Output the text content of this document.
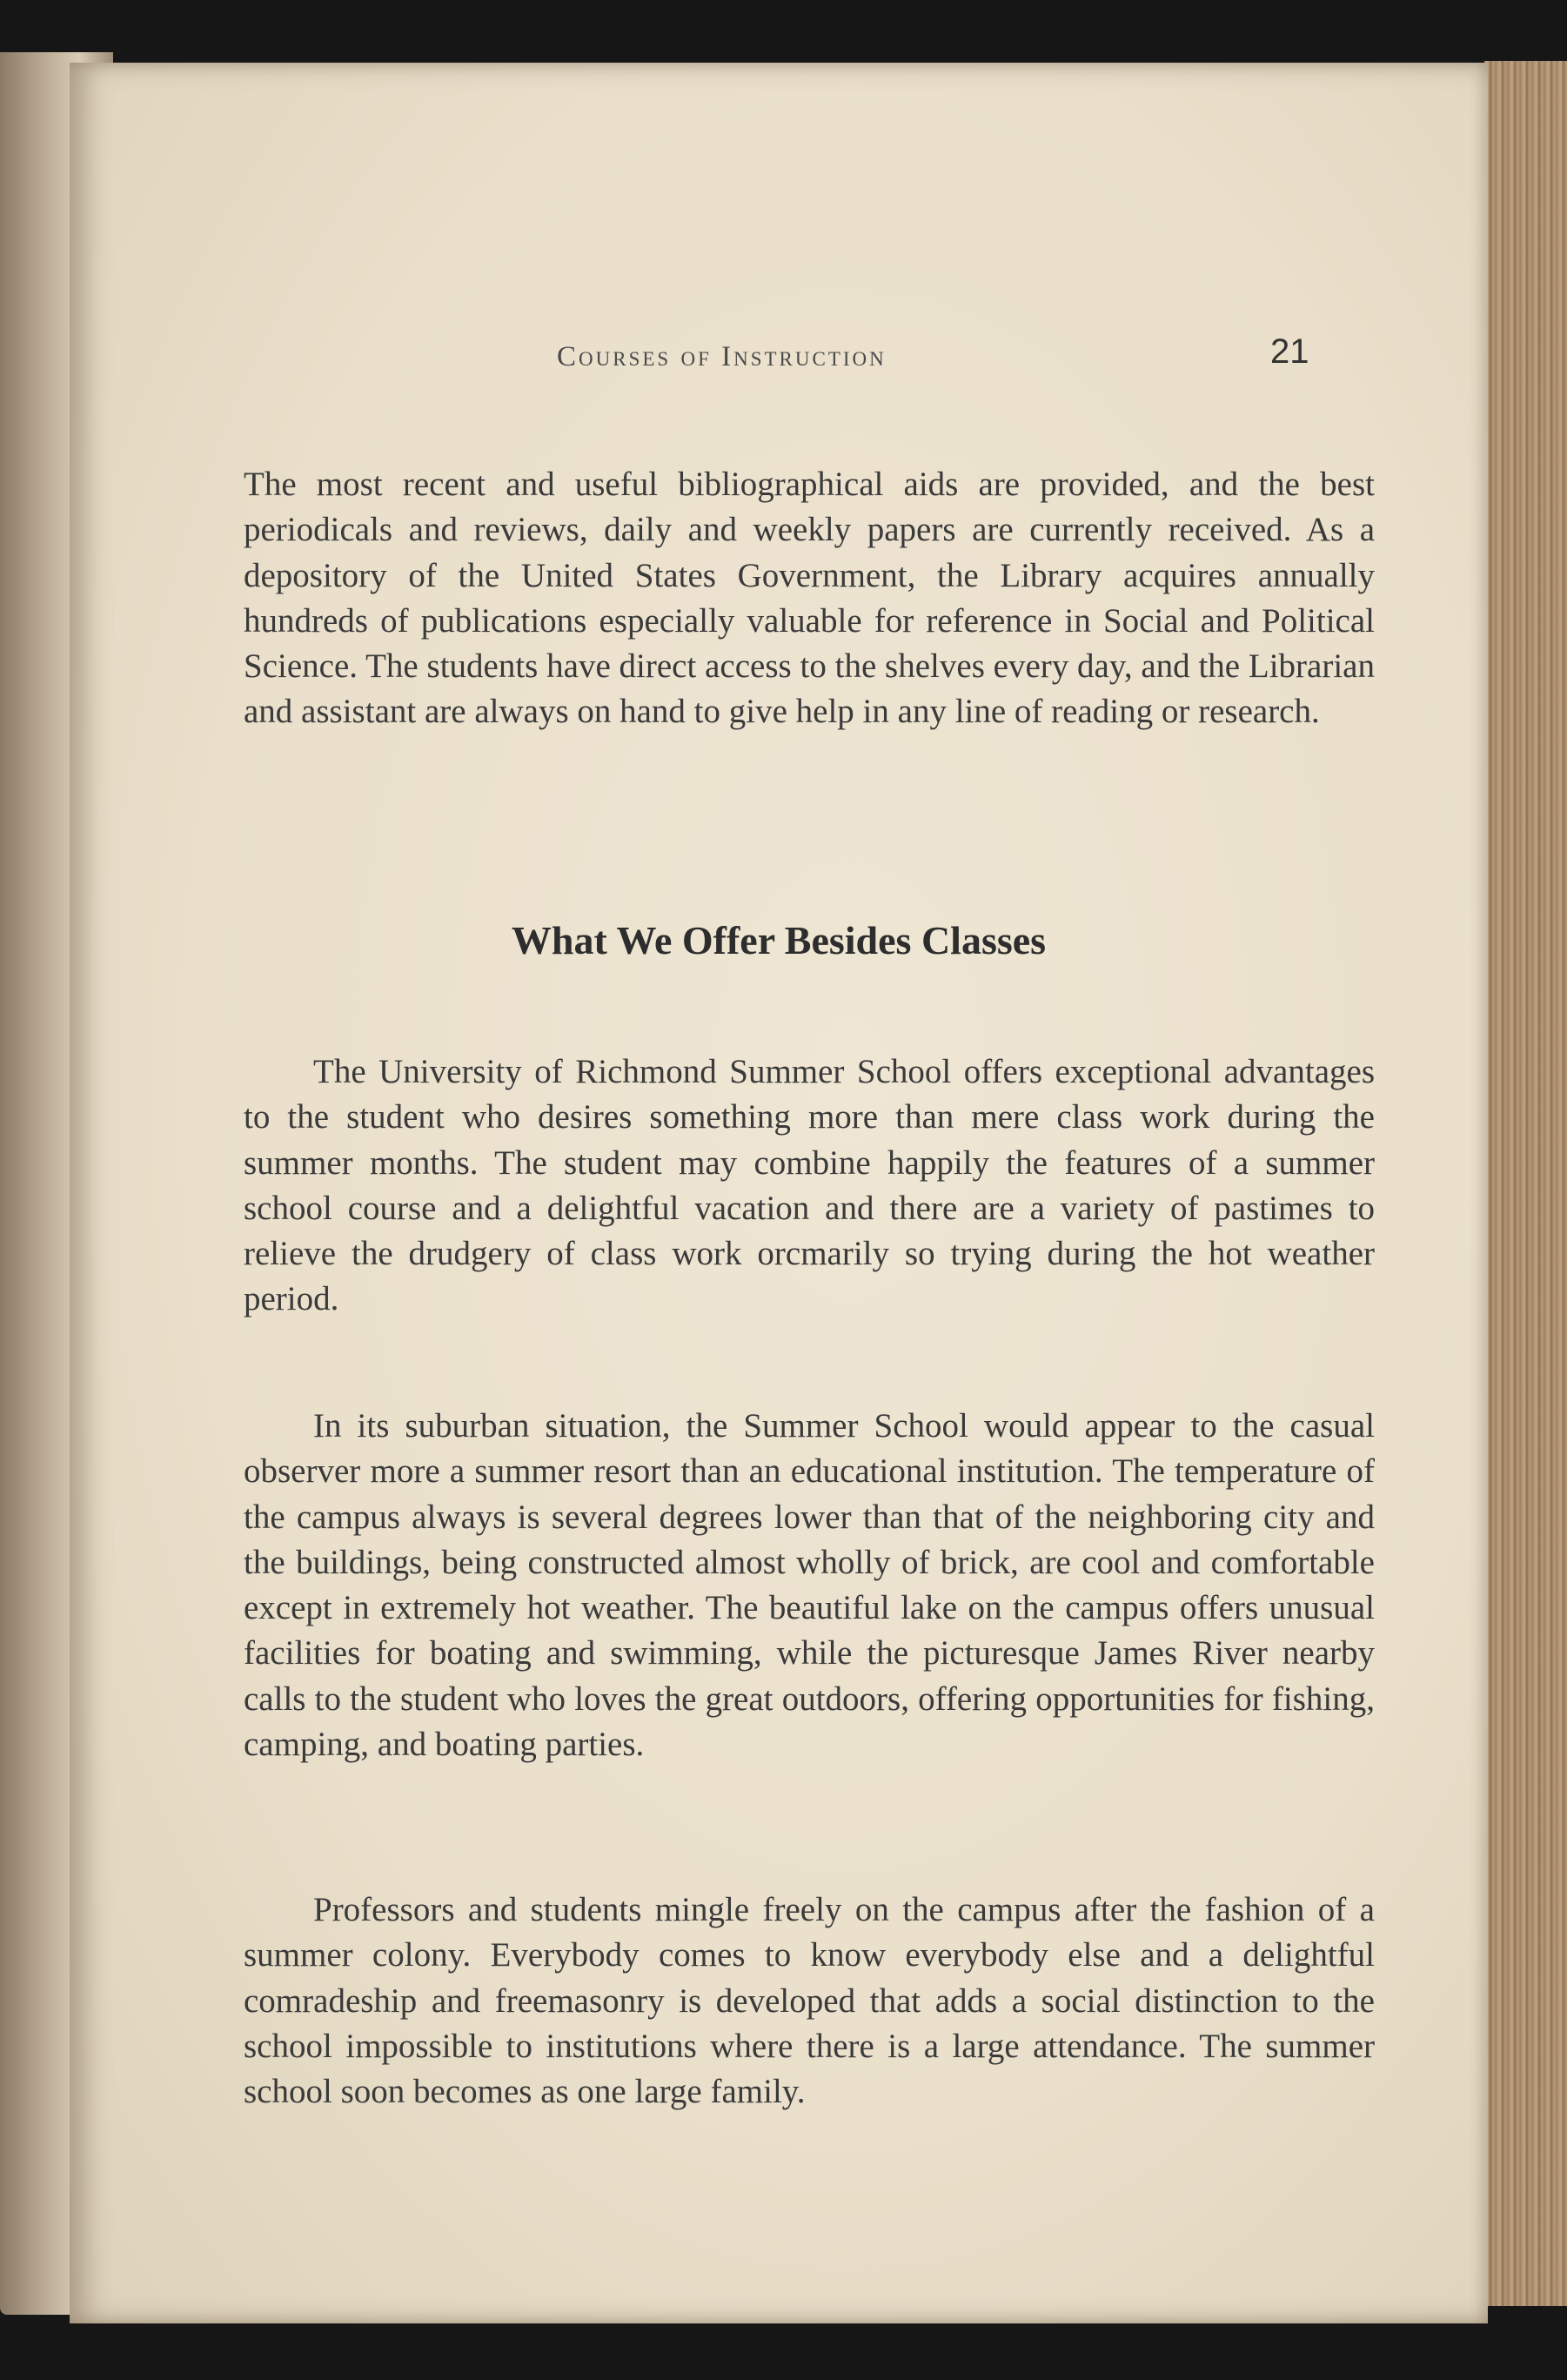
Courses of Instruction	21

The most recent and useful bibliographical aids are provided, and the best periodicals and reviews, daily and weekly papers are currently received. As a depository of the United States Government, the Library acquires annually hundreds of publications especially valuable for reference in Social and Political Science. The students have direct access to the shelves every day, and the Librarian and assistant are always on hand to give help in any line of reading or research.

What We Offer Besides Classes

The University of Richmond Summer School offers exceptional advantages to the student who desires something more than mere class work during the summer months. The student may combine happily the features of a summer school course and a delightful vacation and there are a variety of pastimes to relieve the drudgery of class work orcmarily so trying during the hot weather period.

In its suburban situation, the Summer School would appear to the casual observer more a summer resort than an educational institution. The temperature of the campus always is several degrees lower than that of the neighboring city and the buildings, being constructed almost wholly of brick, are cool and comfortable except in extremely hot weather. The beautiful lake on the campus offers unusual facilities for boating and swimming, while the picturesque James River nearby calls to the student who loves the great outdoors, offering opportunities for fishing, camping, and boating parties.

Professors and students mingle freely on the campus after the fashion of a summer colony. Everybody comes to know everybody else and a delightful comradeship and freemasonry is developed that adds a social distinction to the school impossible to institutions where there is a large attendance. The summer school soon becomes as one large family.
